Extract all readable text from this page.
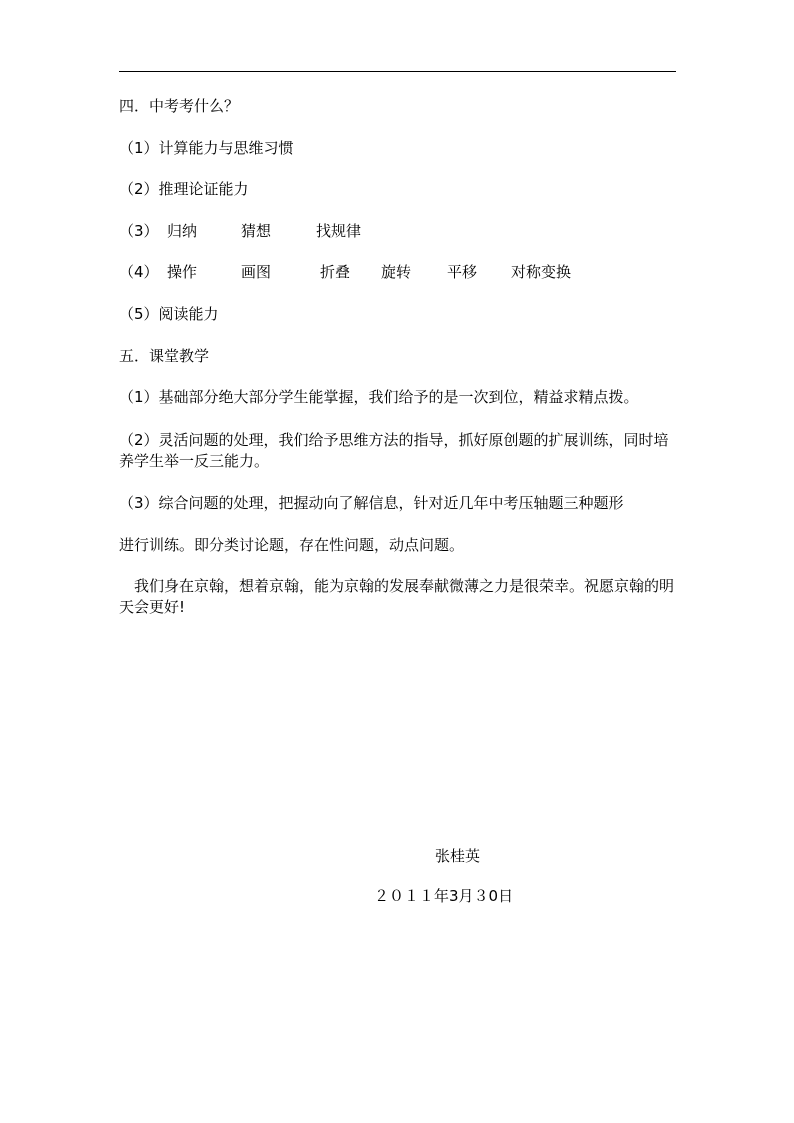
四．中考考什么？
（1）计算能力与思维习惯
（2）推理论证能力
（3） 归纳	猜想	找规律
（4） 操作	画图	折叠	旋转	平移	对称变换
（5）阅读能力
五．课堂教学
（1）基础部分绝大部分学生能掌握，我们给予的是一次到位，精益求精点拨。
（2）灵活问题的处理，我们给予思维方法的指导，抓好原创题的扩展训练，同时培养学生举一反三能力。
（3）综合问题的处理，把握动向了解信息，针对近几年中考压轴题三种题形
进行训练。即分类讨论题，存在性问题，动点问题。
我们身在京翰，想着京翰，能为京翰的发展奉献微薄之力是很荣幸。祝愿京翰的明天会更好!
张桂英
２０１１年3月３0日
